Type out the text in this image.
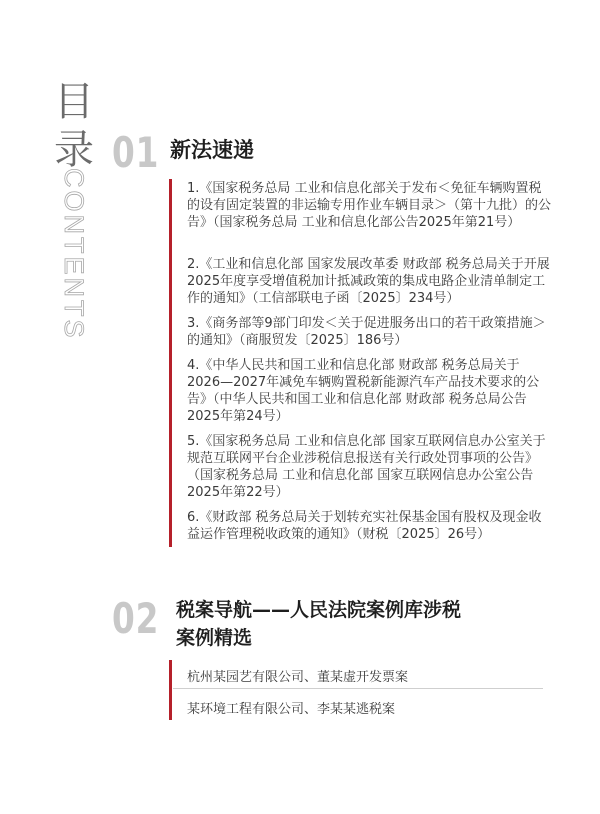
目
录
CONTENTS
01 新法速递

1.《国家税务总局 工业和信息化部关于发布＜免征车辆购置税的设有固定装置的非运输专用作业车辆目录＞（第十九批）的公告》（国家税务总局 工业和信息化部公告2025年第21号）

2.《工业和信息化部 国家发展改革委 财政部 税务总局关于开展2025年度享受增值税加计抵减政策的集成电路企业清单制定工作的通知》（工信部联电子函〔2025〕234号）

3.《商务部等9部门印发＜关于促进服务出口的若干政策措施＞的通知》（商服贸发〔2025〕186号）

4.《中华人民共和国工业和信息化部 财政部 税务总局关于2026—2027年减免车辆购置税新能源汽车产品技术要求的公告》（中华人民共和国工业和信息化部 财政部 税务总局公告2025年第24号）

5.《国家税务总局 工业和信息化部 国家互联网信息办公室关于规范互联网平台企业涉税信息报送有关行政处罚事项的公告》（国家税务总局 工业和信息化部 国家互联网信息办公室公告2025年第22号）

6.《财政部 税务总局关于划转充实社保基金国有股权及现金收益运作管理税收政策的通知》（财税〔2025〕26号）

02 税案导航——人民法院案例库涉税
案例精选
杭州某园艺有限公司、董某虚开发票案
某环境工程有限公司、李某某逃税案
